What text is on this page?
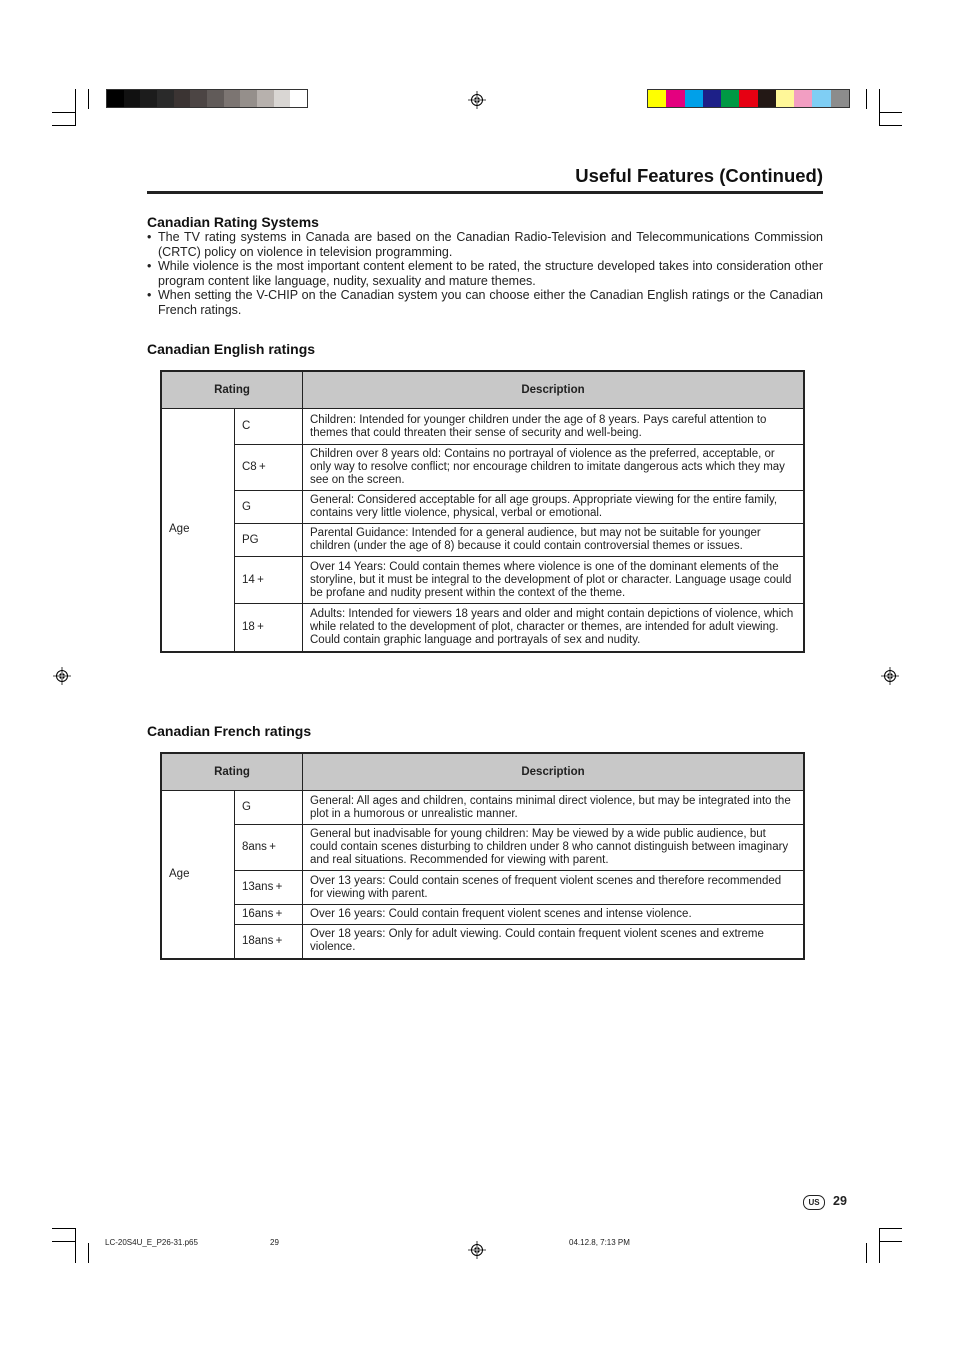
Useful Features (Continued)
Canadian Rating Systems
• The TV rating systems in Canada are based on the Canadian Radio-Television and Telecommunications Commission (CRTC) policy on violence in television programming.
• While violence is the most important content element to be rated, the structure developed takes into consideration other program content like language, nudity, sexuality and mature themes.
• When setting the V-CHIP on the Canadian system you can choose either the Canadian English ratings or the Canadian French ratings.
Canadian English ratings
Rating		Description
Age	C	Children: Intended for younger children under the age of 8 years. Pays careful attention to themes that could threaten their sense of security and well-being.
	C8 +	Children over 8 years old: Contains no portrayal of violence as the preferred, acceptable, or only way to resolve conflict; nor encourage children to imitate dangerous acts which they may see on the screen.
	G	General: Considered acceptable for all age groups. Appropriate viewing for the entire family, contains very little violence, physical, verbal or emotional.
	PG	Parental Guidance: Intended for a general audience, but may not be suitable for younger children (under the age of 8) because it could contain controversial themes or issues.
	14 +	Over 14 Years: Could contain themes where violence is one of the dominant elements of the storyline, but it must be integral to the development of plot or character. Language usage could be profane and nudity present within the context of the theme.
	18 +	Adults: Intended for viewers 18 years and older and might contain depictions of violence, which while related to the development of plot, character or themes, are intended for adult viewing. Could contain graphic language and portrayals of sex and nudity.
Canadian French ratings
Rating		Description
Age	G	General: All ages and children, contains minimal direct violence, but may be integrated into the plot in a humorous or unrealistic manner.
	8ans +	General but inadvisable for young children: May be viewed by a wide public audience, but could contain scenes disturbing to children under 8 who cannot distinguish between imaginary and real situations. Recommended for viewing with parent.
	13ans +	Over 13 years: Could contain scenes of frequent violent scenes and therefore recommended for viewing with parent.
	16ans +	Over 16 years: Could contain frequent violent scenes and intense violence.
	18ans +	Over 18 years: Only for adult viewing. Could contain frequent violent scenes and extreme violence.
US	29
LC-20S4U_E_P26-31.p65	29	04.12.8, 7:13 PM
